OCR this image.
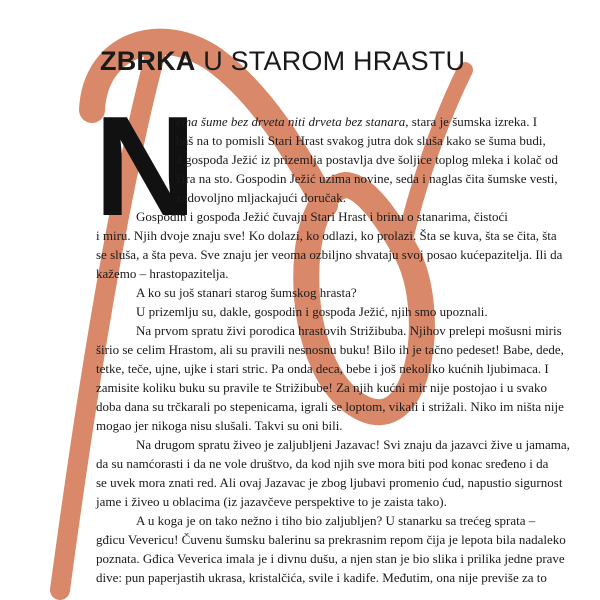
ZBRKA U STAROM HRASTU
N

ema šume bez drveta niti drveta bez stanara, stara je šumska izreka. I

baš na to pomisli Stari Hrast svakog jutra dok sluša kako se šuma budi,

a gospođa Ježić iz prizemlja postavlja dve šoljice toplog mleka i kolač od

žira na sto. Gospodin Ježić uzima novine, seda i naglas čita šumske vesti,

zadovoljno mljackajući doručak.

Gospodin i gospođa Ježić čuvaju Stari Hrast i brinu o stanarima, čistoći

i miru. Njih dvoje znaju sve! Ko dolazi, ko odlazi, ko prolazi. Šta se kuva, šta se čita, šta

se sluša, a šta peva. Sve znaju jer veoma ozbiljno shvataju svoj posao kućepazitelja. Ili da

kažemo – hrastopazitelja.

A ko su još stanari starog šumskog hrasta?

U prizemlju su, dakle, gospodin i gospođa Ježić, njih smo upoznali.

Na prvom spratu živi porodica hrastovih Strižibuba. Njihov prelepi mošusni miris

širio se celim Hrastom, ali su pravili nesnosnu buku! Bilo ih je tačno pedeset! Babe, dede,

tetke, teče, ujne, ujke i stari stric. Pa onda deca, bebe i još nekoliko kućnih ljubimaca. I

zamisite koliku buku su pravile te Strižibube! Za njih kućni mir nije postojao i u svako

doba dana su trčkarali po stepenicama, igrali se loptom, vikali i strižali. Niko im ništa nije

mogao jer nikoga nisu slušali. Takvi su oni bili.

Na drugom spratu živeo je zaljubljeni Jazavac! Svi znaju da jazavci žive u jamama,

da su namćorasti i da ne vole društvo, da kod njih sve mora biti pod konac sređeno i da

se uvek mora znati red. Ali ovaj Jazavac je zbog ljubavi promenio ćud, napustio sigurnost

jame i živeo u oblacima (iz jazavčeve perspektive to je zaista tako).

A u koga je on tako nežno i tiho bio zaljubljen? U stanarku sa trećeg sprata –

gđicu Vevericu! Čuvenu šumsku balerinu sa prekrasnim repom čija je lepota bila nadaleko

poznata. Gđica Veverica imala je i divnu dušu, a njen stan je bio slika i prilika jedne prave

dive: pun paperjastih ukrasa, kristalčića, svile i kadife. Međutim, ona nije previše za to
